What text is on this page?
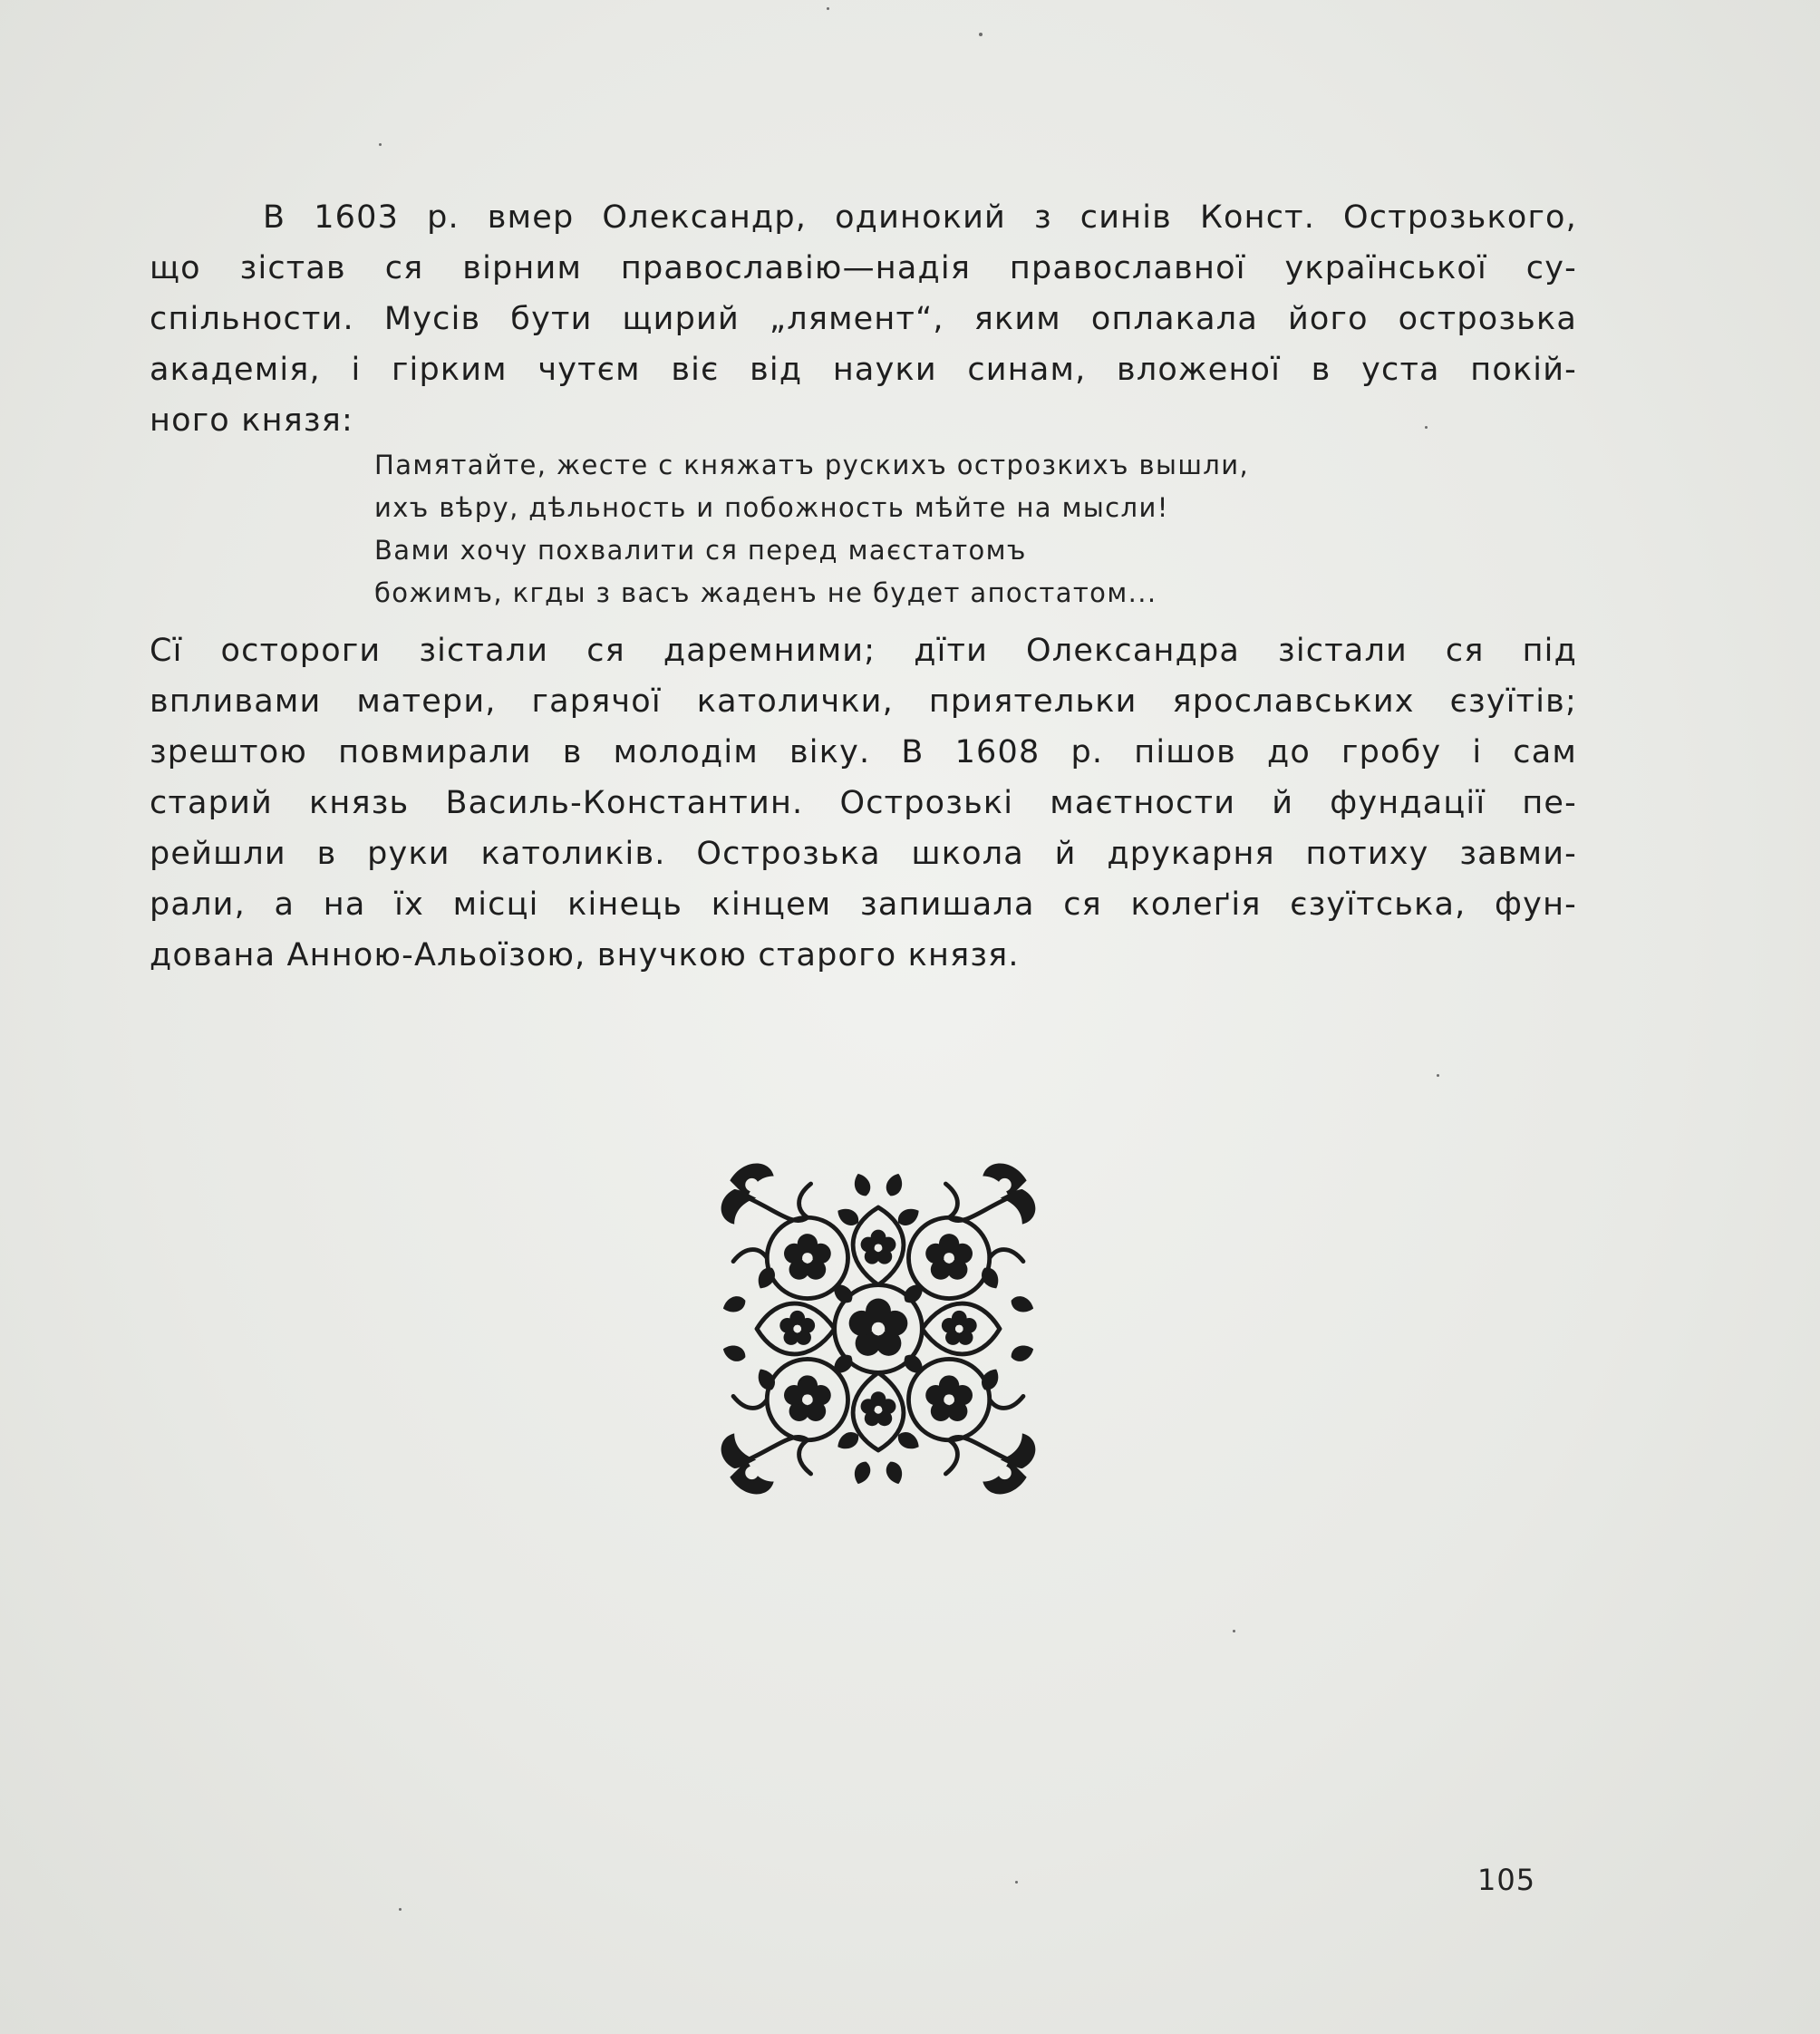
В 1603 р. вмер Олександр, одинокий з синів Конст. Острозького,
що зістав ся вірним православію—надія православної української су-
спільности. Мусів бути щирий „лямент“, яким оплакала його острозька
академія, і гірким чутєм віє від науки синам, вложеної в уста покій-
ного князя:
Памятайте, жесте с княжатъ рускихъ острозкихъ вышли,
ихъ вѣру, дѣльность и побожность мѣйте на мысли!
Вами хочу похвалити ся перед маєстатомъ
божимъ, кгды з васъ жаденъ не будет апостатом...
Сї остороги зістали ся даремними; дїти Олександра зістали ся під
впливами матери, гарячої католички, приятельки ярославських єзуїтів;
зрештою повмирали в молодім віку. В 1608 р. пішов до гробу і сам
старий князь Василь-Константин. Острозькі маєтности й фундації пе-
рейшли в руки католиків. Острозька школа й друкарня потиху завми-
рали, а на їх місці кінець кінцем запишала ся колеґія єзуїтська, фун-
дована Анною-Альоїзою, внучкою старого князя.
105
